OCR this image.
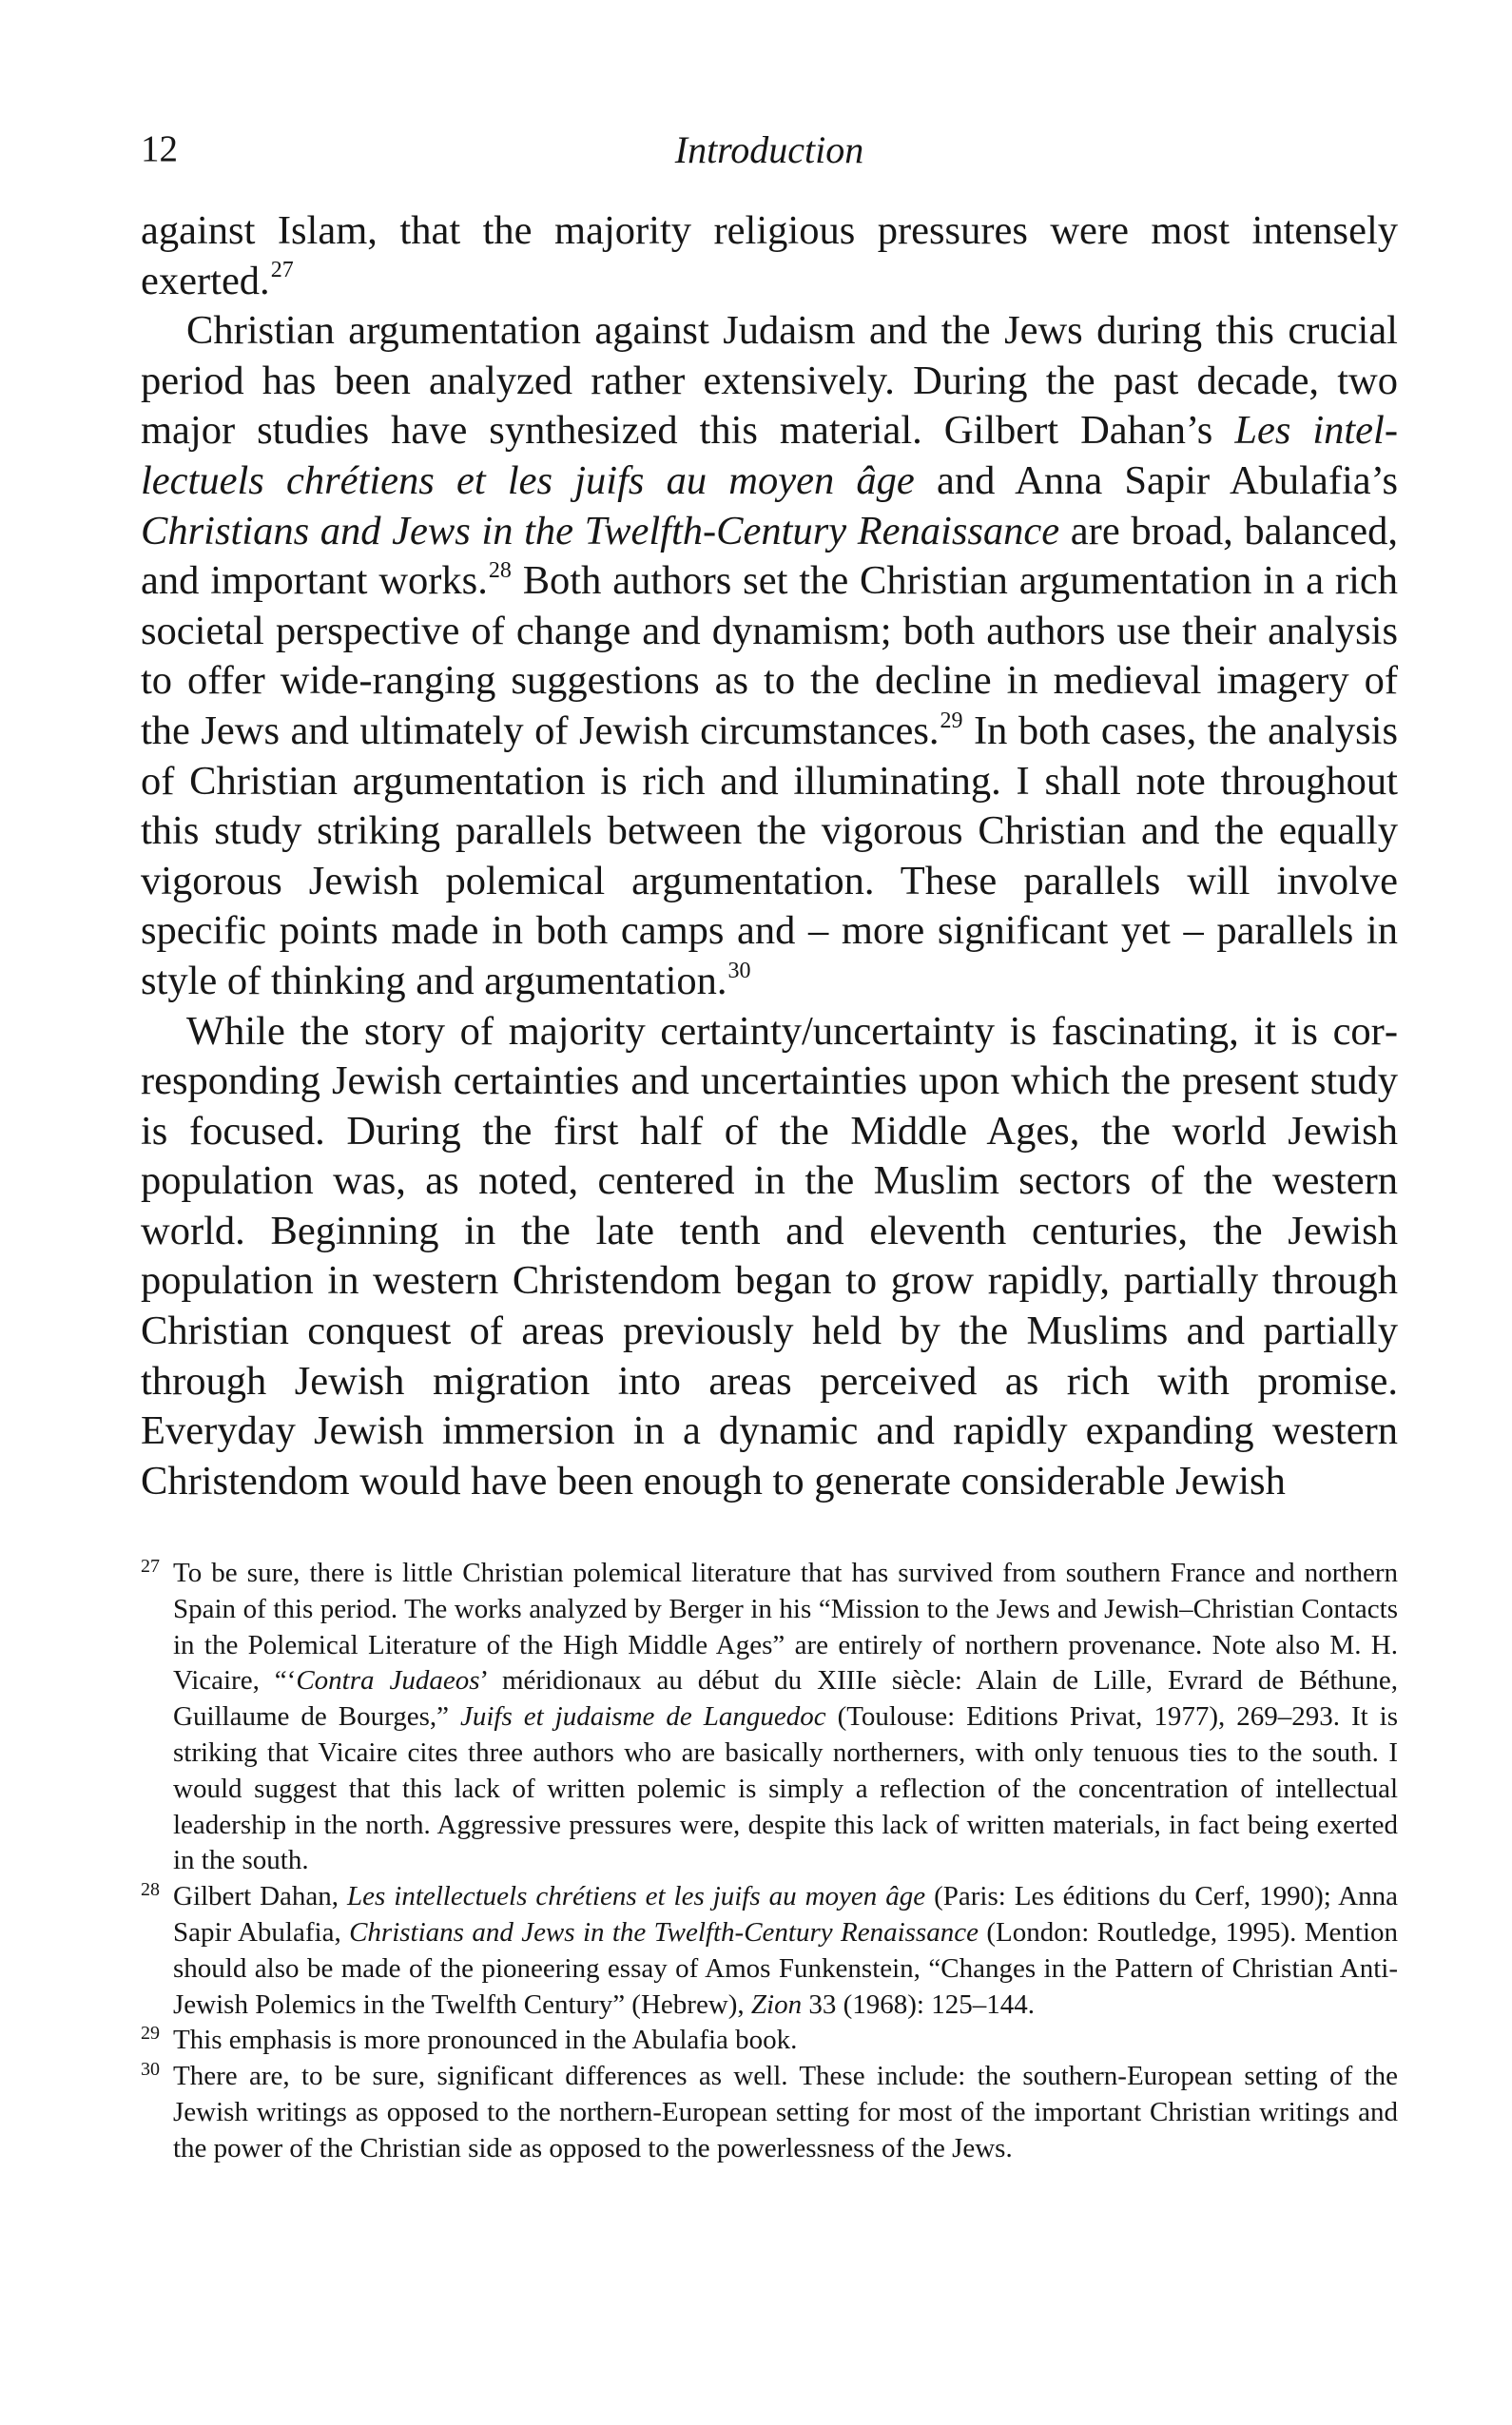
12	Introduction

against Islam, that the majority religious pressures were most intensely exerted.$^{27}$

Christian argumentation against Judaism and the Jews during this crucial period has been analyzed rather extensively. During the past decade, two major studies have synthesized this material. Gilbert Dahan’s Les intellectuels chrétiens et les juifs au moyen âge and Anna Sapir Abulafia’s Christians and Jews in the Twelfth-Century Renaissance are broad, balanced, and important works.$^{28}$ Both authors set the Christian argumentation in a rich societal perspective of change and dynamism; both authors use their analysis to offer wide-ranging suggestions as to the decline in medieval imagery of the Jews and ultimately of Jewish circumstances.$^{29}$ In both cases, the analysis of Christian argumentation is rich and illuminating. I shall note throughout this study striking parallels between the vigorous Christian and the equally vigorous Jewish polemical argumentation. These parallels will involve specific points made in both camps and – more significant yet – parallels in style of thinking and argumentation.$^{30}$

While the story of majority certainty/uncertainty is fascinating, it is corresponding Jewish certainties and uncertainties upon which the present study is focused. During the first half of the Middle Ages, the world Jewish population was, as noted, centered in the Muslim sectors of the western world. Beginning in the late tenth and eleventh centuries, the Jewish population in western Christendom began to grow rapidly, partially through Christian conquest of areas previously held by the Muslims and partially through Jewish migration into areas perceived as rich with promise. Everyday Jewish immersion in a dynamic and rapidly expanding western Christendom would have been enough to generate considerable Jewish

27 To be sure, there is little Christian polemical literature that has survived from southern France and northern Spain of this period. The works analyzed by Berger in his “Mission to the Jews and Jewish–Christian Contacts in the Polemical Literature of the High Middle Ages” are entirely of northern provenance. Note also M. H. Vicaire, “‘Contra Judaeos’ méridionaux au début du XIIIe siècle: Alain de Lille, Evrard de Béthune, Guillaume de Bourges,” Juifs et judaisme de Languedoc (Toulouse: Editions Privat, 1977), 269–293. It is striking that Vicaire cites three authors who are basically northerners, with only tenuous ties to the south. I would suggest that this lack of written polemic is simply a reflection of the concentration of intellectual leadership in the north. Aggressive pressures were, despite this lack of written materials, in fact being exerted in the south.

28 Gilbert Dahan, Les intellectuels chrétiens et les juifs au moyen âge (Paris: Les éditions du Cerf, 1990); Anna Sapir Abulafia, Christians and Jews in the Twelfth-Century Renaissance (London: Routledge, 1995). Mention should also be made of the pioneering essay of Amos Funkenstein, “Changes in the Pattern of Christian Anti-Jewish Polemics in the Twelfth Century” (Hebrew), Zion 33 (1968): 125–144.

29 This emphasis is more pronounced in the Abulafia book.

30 There are, to be sure, significant differences as well. These include: the southern-European setting of the Jewish writings as opposed to the northern-European setting for most of the important Christian writings and the power of the Christian side as opposed to the powerlessness of the Jews.
